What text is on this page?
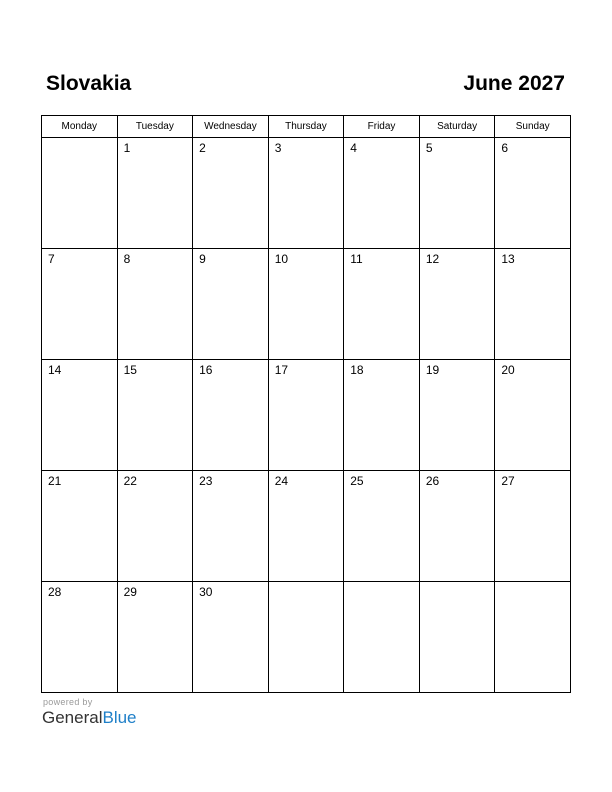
Slovakia	June 2027
Monday	Tuesday	Wednesday	Thursday	Friday	Saturday	Sunday

	1	2	3	4	5	6

7	8	9	10	11	12	13

14	15	16	17	18	19	20

21	22	23	24	25	26	27

28	29	30				

powered by
GeneralBlue
